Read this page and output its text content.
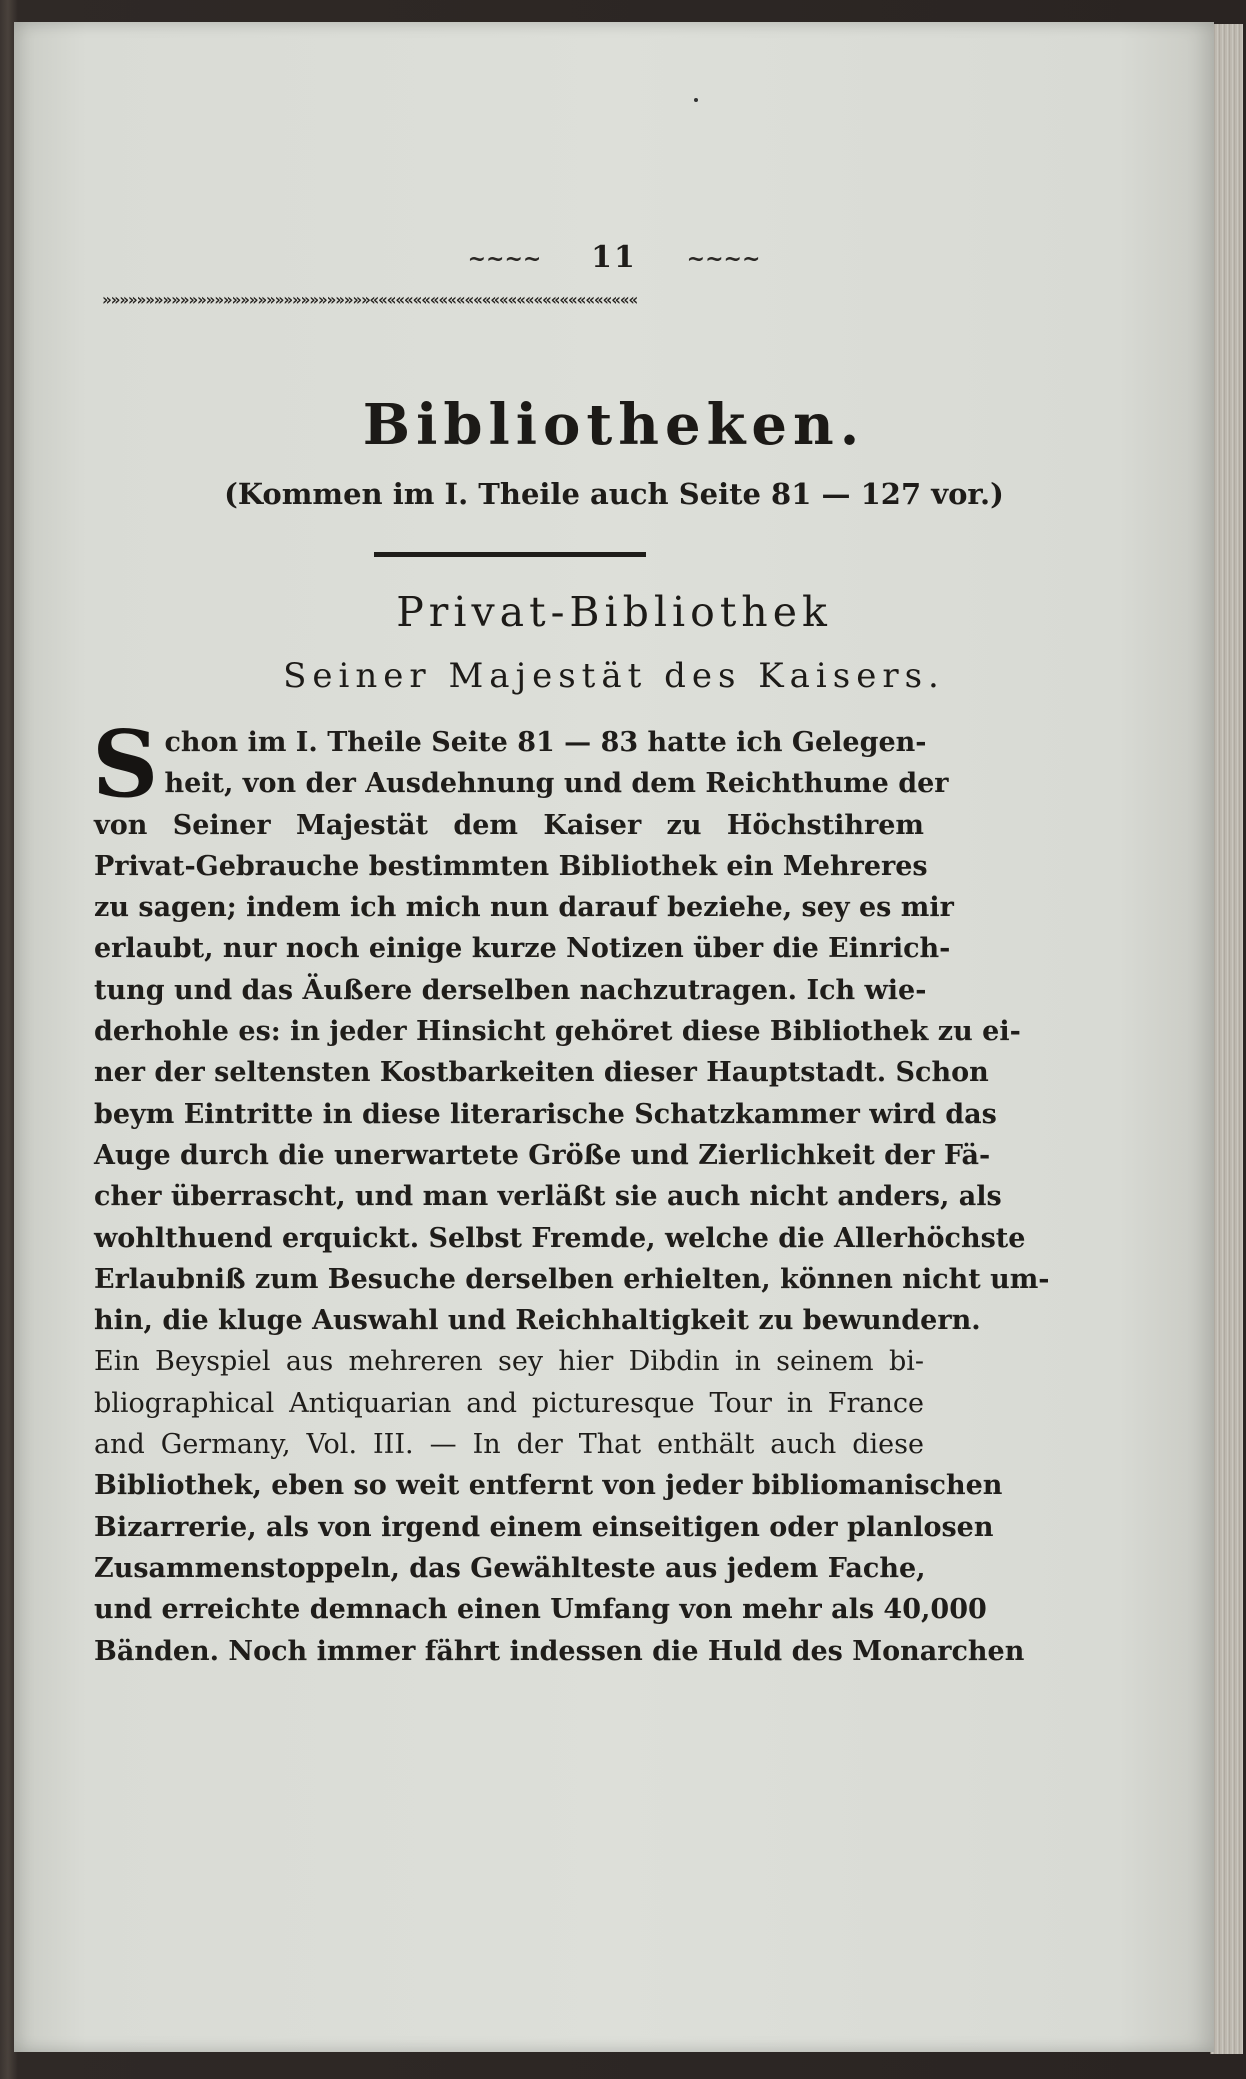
~~~~ 11 ~~~~
»»»»»»»»»»»»»»»»»»»»»»»»»»»»»»»«««««««««««««««««««««««««««««««
Bibliotheken.
(Kommen im I. Theile auch Seite 81 — 127 vor.)
Privat-Bibliothek
Seiner Majestät des Kaisers.
S chon im I. Theile Seite 81 — 83 hatte ich Gelegen-
heit, von der Ausdehnung und dem Reichthume der
von Seiner Majestät dem Kaiser zu Höchstihrem
Privat-Gebrauche bestimmten Bibliothek ein Mehreres
zu sagen; indem ich mich nun darauf beziehe, sey es mir
erlaubt, nur noch einige kurze Notizen über die Einrich-
tung und das Äußere derselben nachzutragen. Ich wie-
derhohle es: in jeder Hinsicht gehöret diese Bibliothek zu ei-
ner der seltensten Kostbarkeiten dieser Hauptstadt. Schon
beym Eintritte in diese literarische Schatzkammer wird das
Auge durch die unerwartete Größe und Zierlichkeit der Fä-
cher überrascht, und man verläßt sie auch nicht anders, als
wohlthuend erquickt. Selbst Fremde, welche die Allerhöchste
Erlaubniß zum Besuche derselben erhielten, können nicht um-
hin, die kluge Auswahl und Reichhaltigkeit zu bewundern.
Ein Beyspiel aus mehreren sey hier Dibdin in seinem bi-
bliographical Antiquarian and picturesque Tour in France
and Germany, Vol. III. — In der That enthält auch diese
Bibliothek, eben so weit entfernt von jeder bibliomanischen
Bizarrerie, als von irgend einem einseitigen oder planlosen
Zusammenstoppeln, das Gewählteste aus jedem Fache,
und erreichte demnach einen Umfang von mehr als 40,000
Bänden. Noch immer fährt indessen die Huld des Monarchen
